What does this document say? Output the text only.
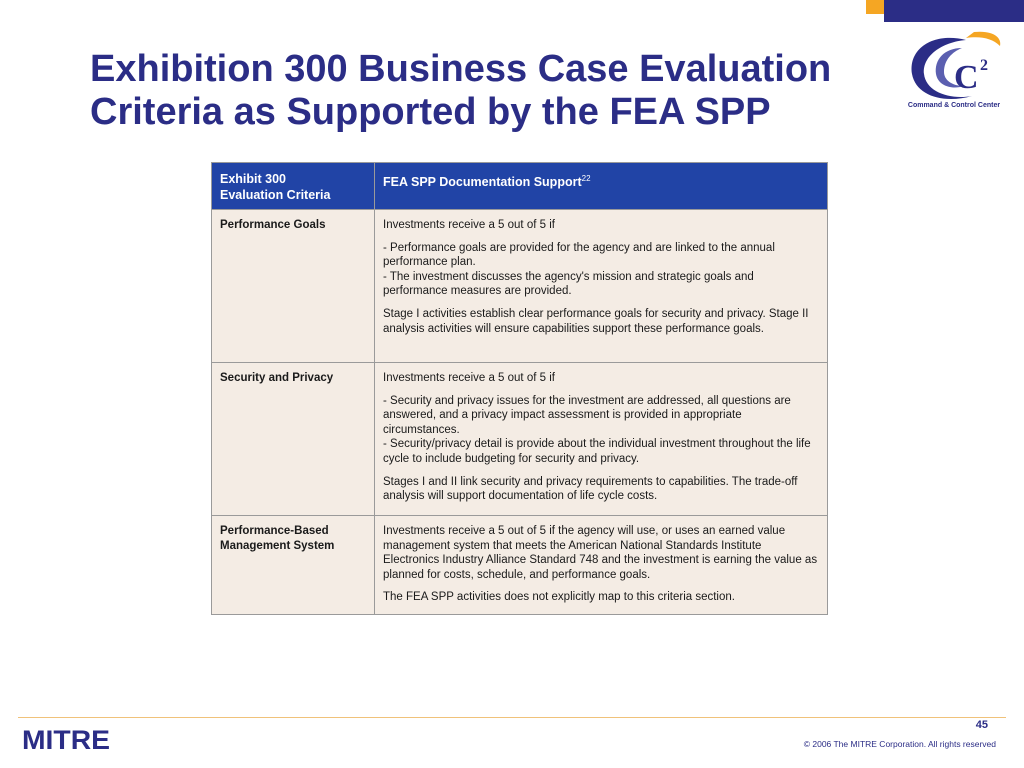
Exhibition 300 Business Case Evaluation
Criteria as Supported by the FEA SPP
C 2
Command & Control Center
Exhibit 300
Evaluation Criteria	FEA SPP Documentation Support$^{22}$
Performance Goals	Investments receive a 5 out of 5 if

- Performance goals are provided for the agency and are linked to the annual performance plan.
- The investment discusses the agency's mission and strategic goals and performance measures are provided.

Stage I activities establish clear performance goals for security and privacy. Stage II analysis activities will ensure capabilities support these performance goals.

Security and Privacy	Investments receive a 5 out of 5 if

- Security and privacy issues for the investment are addressed, all questions are answered, and a privacy impact assessment is provided in appropriate circumstances.
- Security/privacy detail is provide about the individual investment throughout the life cycle to include budgeting for security and privacy.

Stages I and II link security and privacy requirements to capabilities. The trade-off analysis will support documentation of life cycle costs.

Performance-Based Management System	Investments receive a 5 out of 5 if the agency will use, or uses an earned value management system that meets the American National Standards Institute Electronics Industry Alliance Standard 748 and the investment is earning the value as planned for costs, schedule, and performance goals.

The FEA SPP activities does not explicitly map to this criteria section.

MITRE	45
© 2006 The MITRE Corporation. All rights reserved
